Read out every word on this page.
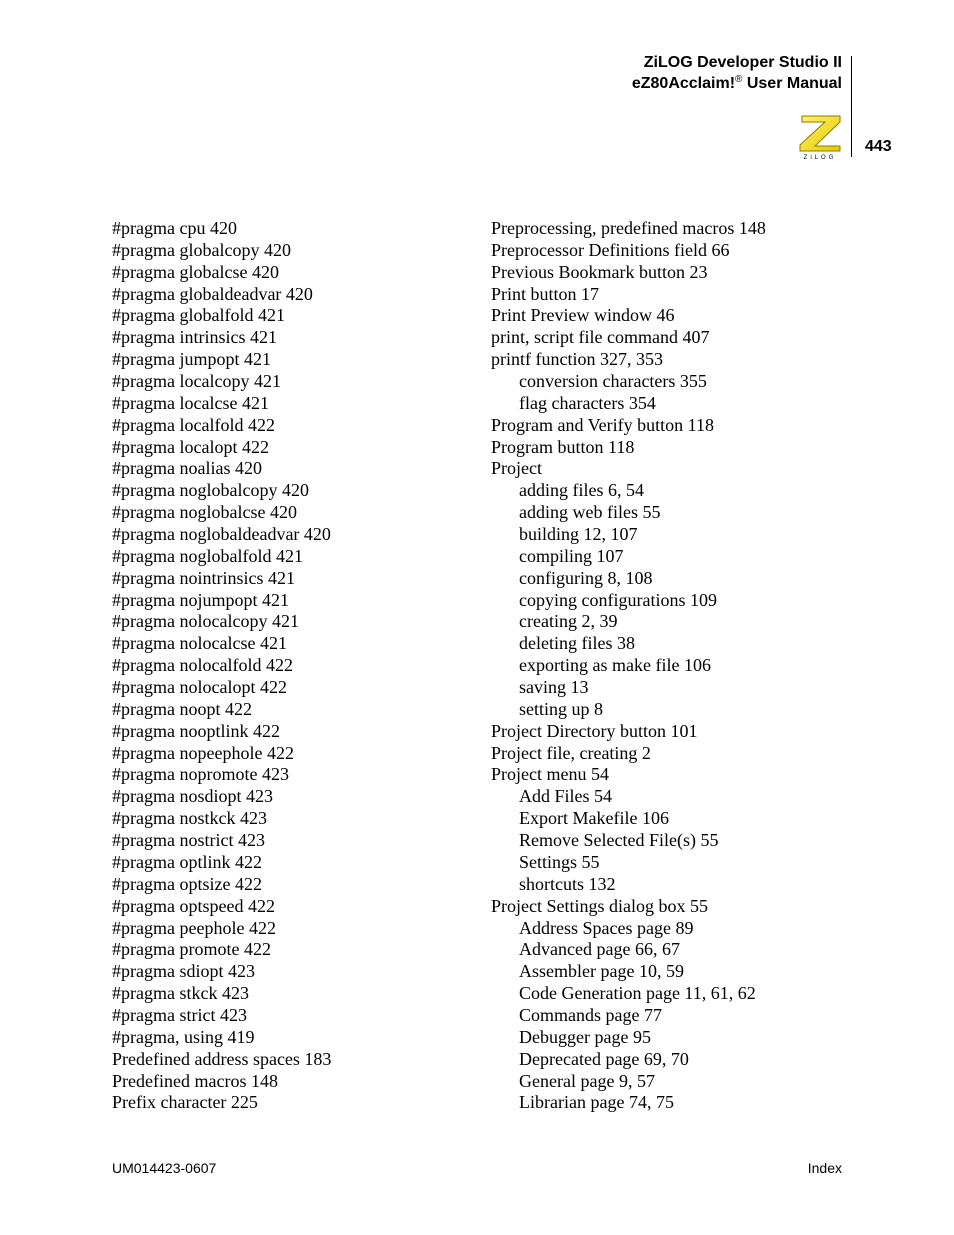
ZiLOG Developer Studio II
eZ80Acclaim!® User Manual
ZiLOG
443
#pragma cpu 420
#pragma globalcopy 420
#pragma globalcse 420
#pragma globaldeadvar 420
#pragma globalfold 421
#pragma intrinsics 421
#pragma jumpopt 421
#pragma localcopy 421
#pragma localcse 421
#pragma localfold 422
#pragma localopt 422
#pragma noalias 420
#pragma noglobalcopy 420
#pragma noglobalcse 420
#pragma noglobaldeadvar 420
#pragma noglobalfold 421
#pragma nointrinsics 421
#pragma nojumpopt 421
#pragma nolocalcopy 421
#pragma nolocalcse 421
#pragma nolocalfold 422
#pragma nolocalopt 422
#pragma noopt 422
#pragma nooptlink 422
#pragma nopeephole 422
#pragma nopromote 423
#pragma nosdiopt 423
#pragma nostkck 423
#pragma nostrict 423
#pragma optlink 422
#pragma optsize 422
#pragma optspeed 422
#pragma peephole 422
#pragma promote 422
#pragma sdiopt 423
#pragma stkck 423
#pragma strict 423
#pragma, using 419
Predefined address spaces 183
Predefined macros 148
Prefix character 225
Preprocessing, predefined macros 148
Preprocessor Definitions field 66
Previous Bookmark button 23
Print button 17
Print Preview window 46
print, script file command 407
printf function 327, 353
conversion characters 355
flag characters 354
Program and Verify button 118
Program button 118
Project
adding files 6, 54
adding web files 55
building 12, 107
compiling 107
configuring 8, 108
copying configurations 109
creating 2, 39
deleting files 38
exporting as make file 106
saving 13
setting up 8
Project Directory button 101
Project file, creating 2
Project menu 54
Add Files 54
Export Makefile 106
Remove Selected File(s) 55
Settings 55
shortcuts 132
Project Settings dialog box 55
Address Spaces page 89
Advanced page 66, 67
Assembler page 10, 59
Code Generation page 11, 61, 62
Commands page 77
Debugger page 95
Deprecated page 69, 70
General page 9, 57
Librarian page 74, 75
UM014423-0607	Index
